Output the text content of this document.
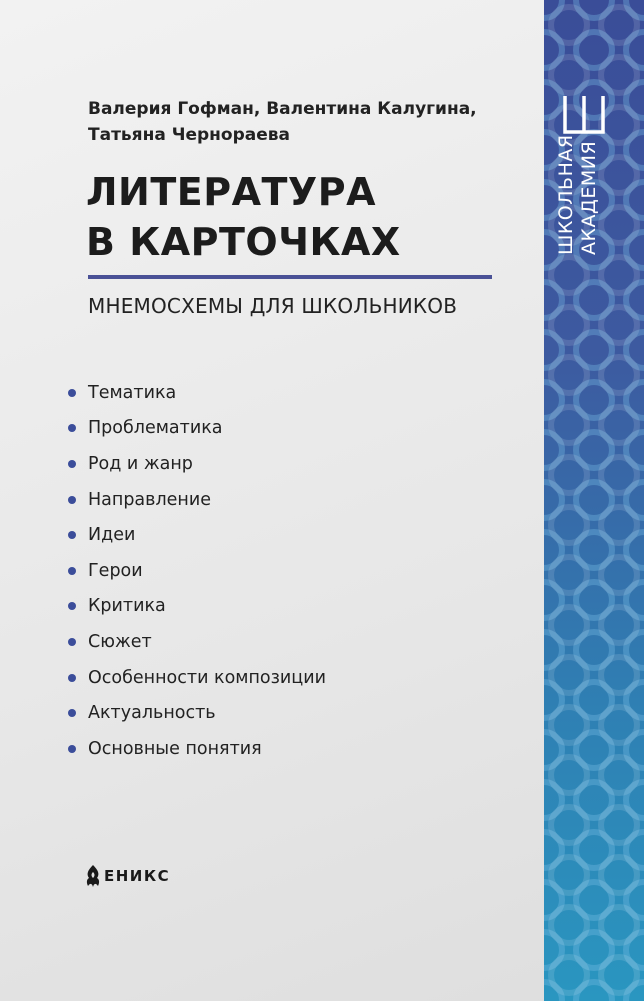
Валерия Гофман, Валентина Калугина,
Татьяна Чернораева
ЛИТЕРАТУРА
В КАРТОЧКАХ
МНЕМОСХЕМЫ ДЛЯ ШКОЛЬНИКОВ
Тематика
Проблематика
Род и жанр
Направление
Идеи
Герои
Критика
Сюжет
Особенности композиции
Актуальность
Основные понятия
ЕНИКС
ШКОЛЬНАЯ АКАДЕМИЯ
